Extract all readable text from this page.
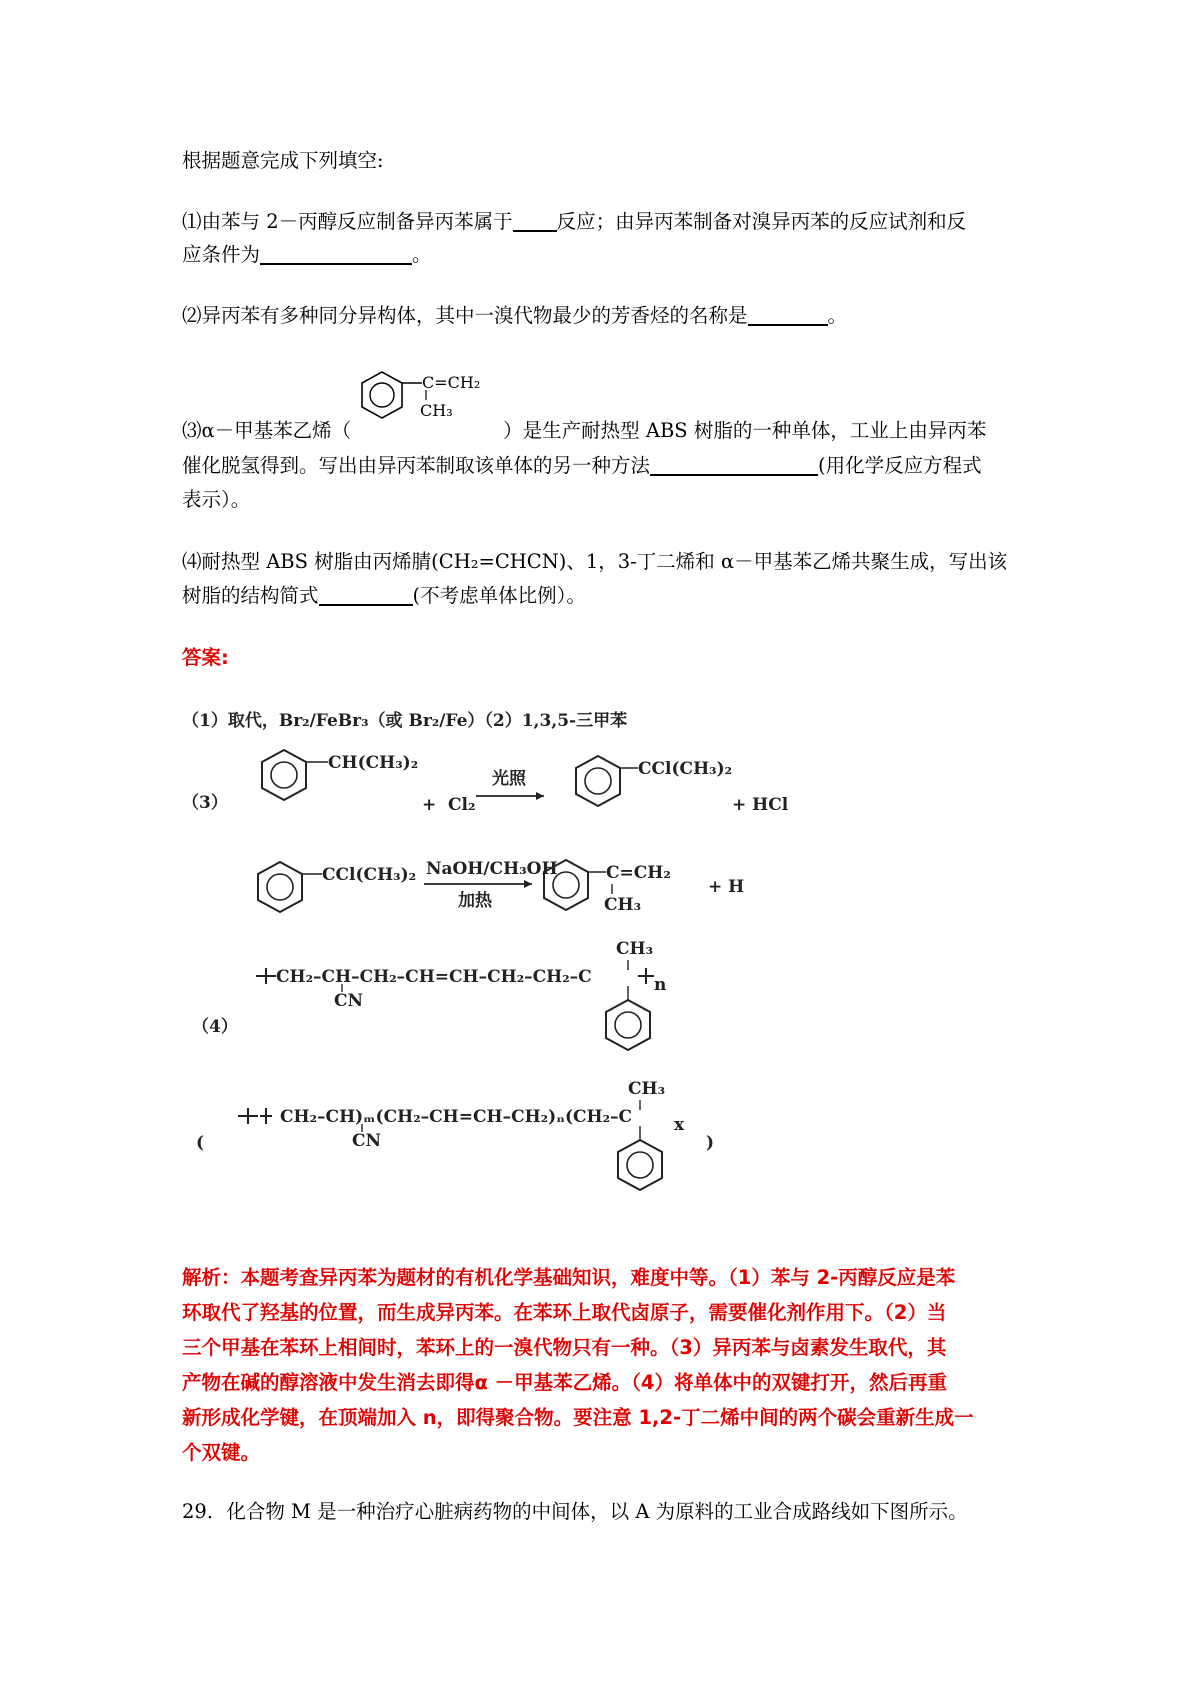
根据题意完成下列填空:
⑴由苯与 2－丙醇反应制备异丙苯属于 反应；由异丙苯制备对溴异丙苯的反应试剂和反
应条件为	。
⑵异丙苯有多种同分异构体，其中一溴代物最少的芳香烃的名称是	。
C=CH₂
CH₃
⑶α－甲基苯乙烯（	）是生产耐热型 ABS 树脂的一种单体，工业上由异丙苯
催化脱氢得到。写出由异丙苯制取该单体的另一种方法	(用化学反应方程式
表示）。
⑷耐热型 ABS 树脂由丙烯腈(CH₂=CHCN)、1，3-丁二烯和 α－甲基苯乙烯共聚生成，写出该
树脂的结构简式	(不考虑单体比例）。
答案:
（1）取代，Br₂/FeBr₃（或 Br₂/Fe）（2）1,3,5-三甲苯
（3）
CH(CH₃)₂
+ Cl₂
光照	CCl(CH₃)₂
+ HCl
CCl(CH₃)₂ NaOH/CH₃OH
加热
C=CH₂
CH₃
+ H
（4）
CH₂–CH–CH₂–CH=CH–CH₂–CH₂–C
CN
CH₃
n
(
CH₂–CH)ₘ(CH₂–CH=CH–CH₂)ₙ(CH₂–C
CN
CH₃
x
)
解析：本题考查异丙苯为题材的有机化学基础知识，难度中等。（1）苯与 2-丙醇反应是苯
环取代了羟基的位置，而生成异丙苯。在苯环上取代卤原子，需要催化剂作用下。（2）当
三个甲基在苯环上相间时，苯环上的一溴代物只有一种。（3）异丙苯与卤素发生取代，其
产物在碱的醇溶液中发生消去即得α －甲基苯乙烯。（4）将单体中的双键打开，然后再重
新形成化学键，在顶端加入 n，即得聚合物。要注意 1,2-丁二烯中间的两个碳会重新生成一
个双键。
29．化合物 M 是一种治疗心脏病药物的中间体，以 A 为原料的工业合成路线如下图所示。
